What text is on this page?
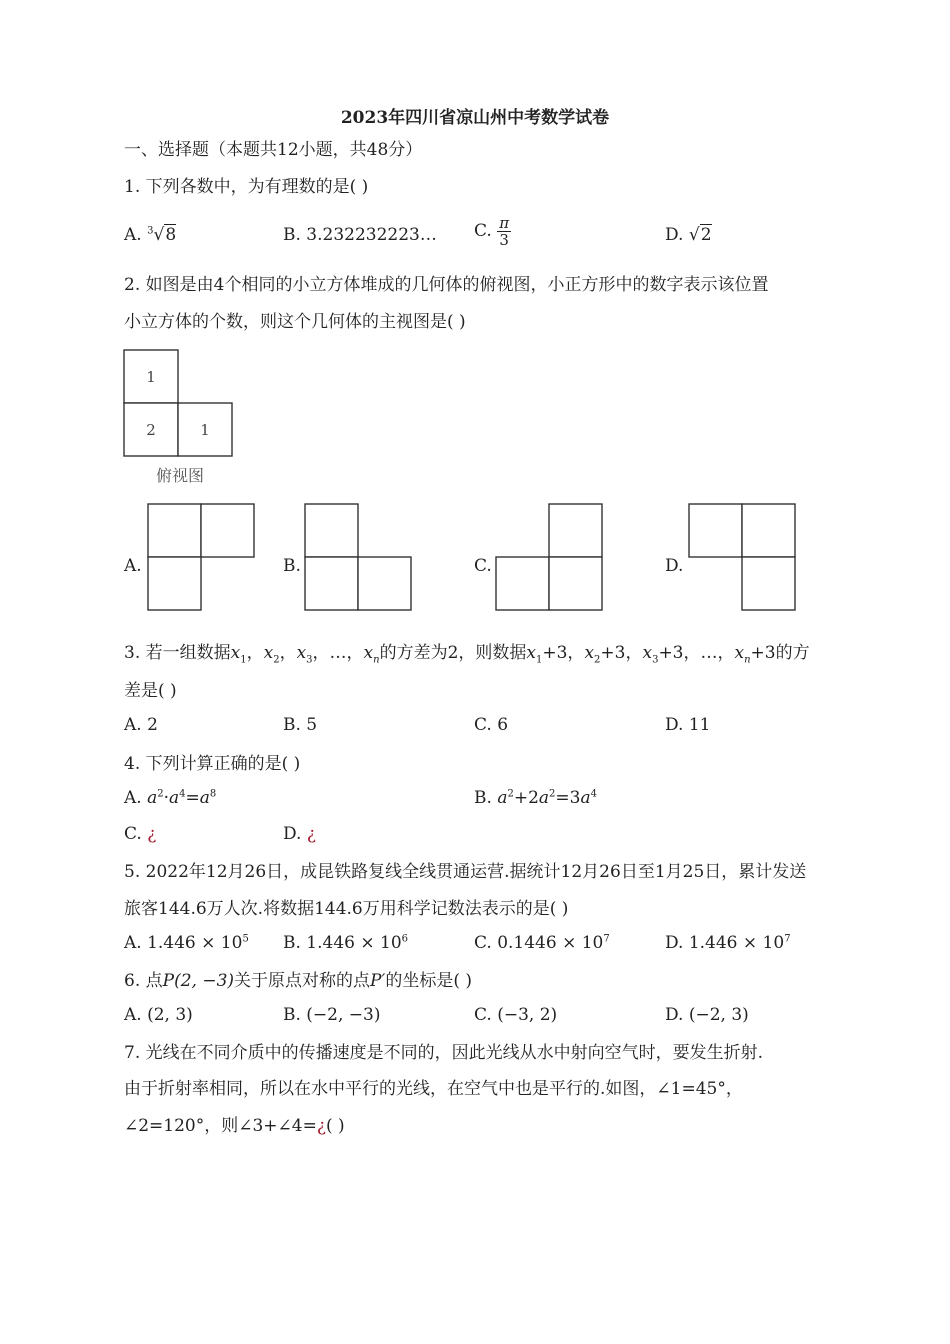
2023年四川省凉山州中考数学试卷
一、选择题（本题共12小题，共48分）
1. 下列各数中，为有理数的是( )
A. $^3$√8	B. 3.232232223… C. $\frac{\pi}{3}$	D. √2
2. 如图是由4个相同的小立方体堆成的几何体的俯视图，小正方形中的数字表示该位置
小立方体的个数，则这个几何体的主视图是( )
1
2	1
俯视图
A.	B.	C.	D.
3. 若一组数据$x_1$，$x_2$，$x_3$，…，$x_n$的方差为2，则数据$x_1+3$，$x_2+3$，$x_3+3$，…，$x_n+3$的方
差是( )
A. 2	B. 5	C. 6	D. 11
4. 下列计算正确的是( )
A. $a^2\cdot a^4=a^8$	B. $a^2+2a^2=3a^4$
C. ¿	D. ¿
5. 2022年12月26日，成昆铁路复线全线贯通运营.据统计12月26日至1月25日，累计发送
旅客144.6万人次.将数据144.6万用科学记数法表示的是( )
A. $1.446 \times 10^5$ B. $1.446 \times 10^6$	C. $0.1446 \times 10^7$	D. $1.446 \times 10^7$
6. 点P(2, −3)关于原点对称的点P′的坐标是( )
A. (2, 3)	B. (−2, −3)	C. (−3, 2)	D. (−2, 3)
7. 光线在不同介质中的传播速度是不同的，因此光线从水中射向空气时，要发生折射.
由于折射率相同，所以在水中平行的光线，在空气中也是平行的.如图，∠1=45°，
∠2=120°，则∠3+∠4=¿( )
